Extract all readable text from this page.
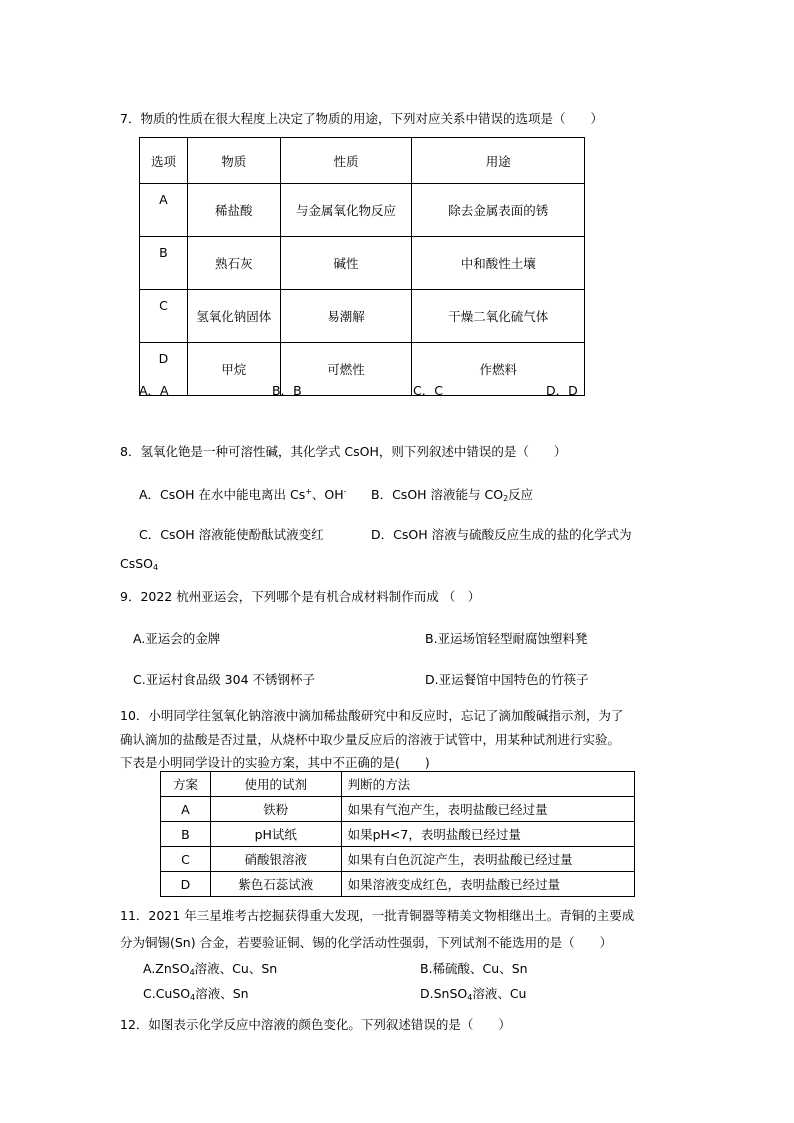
7．物质的性质在很大程度上决定了物质的用途，下列对应关系中错误的选项是（　　）
选项	物质	性质	用途
A	稀盐酸	与金属氧化物反应	除去金属表面的锈
B	熟石灰	碱性	中和酸性土壤
C	氢氧化钠固体	易潮解	干燥二氧化硫气体
D	甲烷	可燃性	作燃料
A．A	B．B	C．C	D．D
8．氢氧化铯是一种可溶性碱，其化学式 CsOH，则下列叙述中错误的是（　　）
A．CsOH 在水中能电离出 Cs+、OH- B．CsOH 溶液能与 $CO_2$反应
C．CsOH 溶液能使酚酞试液变红	D．CsOH 溶液与硫酸反应生成的盐的化学式为
CsSO$_4$
9．2022 杭州亚运会，下列哪个是有机合成材料制作而成 （　）
A.亚运会的金牌	B.亚运场馆轻型耐腐蚀塑料凳
C.亚运村食品级 304 不锈钢杯子	D.亚运餐馆中国特色的竹筷子
10．小明同学往氢氧化钠溶液中滴加稀盐酸研究中和反应时，忘记了滴加酸碱指示剂，为了
确认滴加的盐酸是否过量，从烧杯中取少量反应后的溶液于试管中，用某种试剂进行实验。
下表是小明同学设计的实验方案，其中不正确的是(　　)
方案	使用的试剂	判断的方法
A	铁粉	如果有气泡产生，表明盐酸已经过量
B	pH试纸	如果pH<7，表明盐酸已经过量
C	硝酸银溶液	如果有白色沉淀产生，表明盐酸已经过量
D	紫色石蕊试液	如果溶液变成红色，表明盐酸已经过量
11．2021 年三星堆考古挖掘获得重大发现，一批青铜器等精美文物相继出土。青铜的主要成
分为铜锡(Sn) 合金，若要验证铜、锡的化学活动性强弱，下列试剂不能选用的是（　　）
A.ZnSO$_4$溶液、Cu、Sn	B.稀硫酸、Cu、Sn
C.CuSO$_4$溶液、Sn	D.SnSO$_4$溶液、Cu
12．如图表示化学反应中溶液的颜色变化。下列叙述错误的是（　　）
